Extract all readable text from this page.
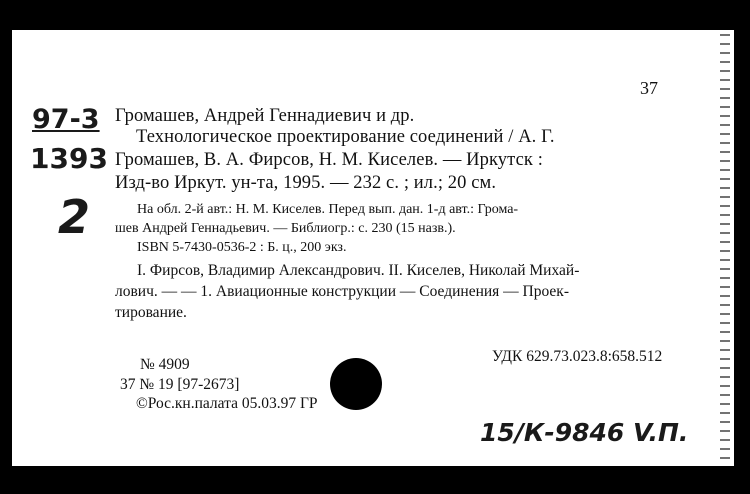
37
97-3
1393
2
Громашев, Андрей Геннадиевич и др.
Технологическое проектирование соединений / А. Г.
Громашев, В. А. Фирсов, Н. М. Киселев. — Иркутск :
Изд-во Иркут. ун-та, 1995. — 232 с. ; ил.; 20 см.
На обл. 2-й авт.: Н. М. Киселев. Перед вып. дан. 1-д авт.: Грома-
шев Андрей Геннадьевич. — Библиогр.: с. 230 (15 назв.).
ISBN 5-7430-0536-2 : Б. ц., 200 экз.
I. Фирсов, Владимир Александрович. II. Киселев, Николай Михай-
лович. — — 1. Авиационные конструкции — Соединения — Проек-
тирование.
№ 4909	УДК 629.73.023.8:658.512
37 № 19 [97-2673]
©Рос.кн.палата 05.03.97 ГР
15/К-9846 V.П.
